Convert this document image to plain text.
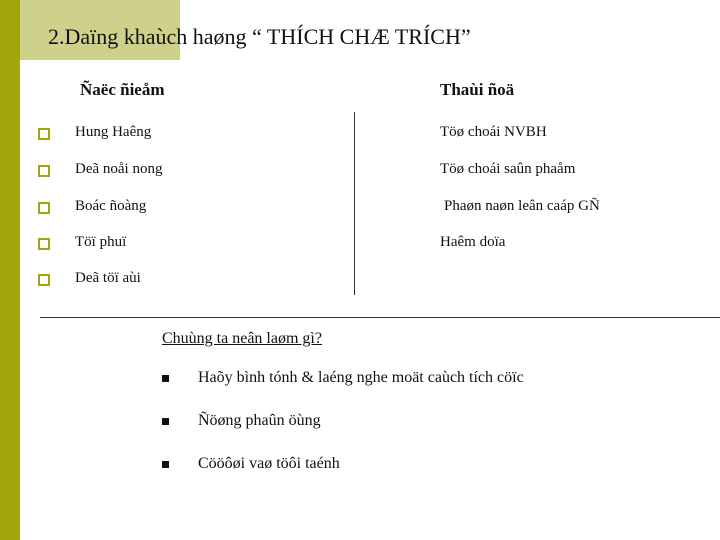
2.Daïng khaùch haøng “ THÍCH CHÆ TRÍCH”
Ñaëc ñieåm	Thaùi ñoä
Hung Haêng
Deã noåi nong
Boác ñoàng
Töï phuï
Deã töï aùi
Töø choái NVBH
Töø choái saûn phaåm
Phaøn naøn leân caáp GÑ
Haêm doïa
Chuùng ta neân laøm gì?
Haõy bình tónh & laéng nghe moät caùch tích cöïc
Ñöøng phaûn öùng
Cööôøi vaø töôi taénh
